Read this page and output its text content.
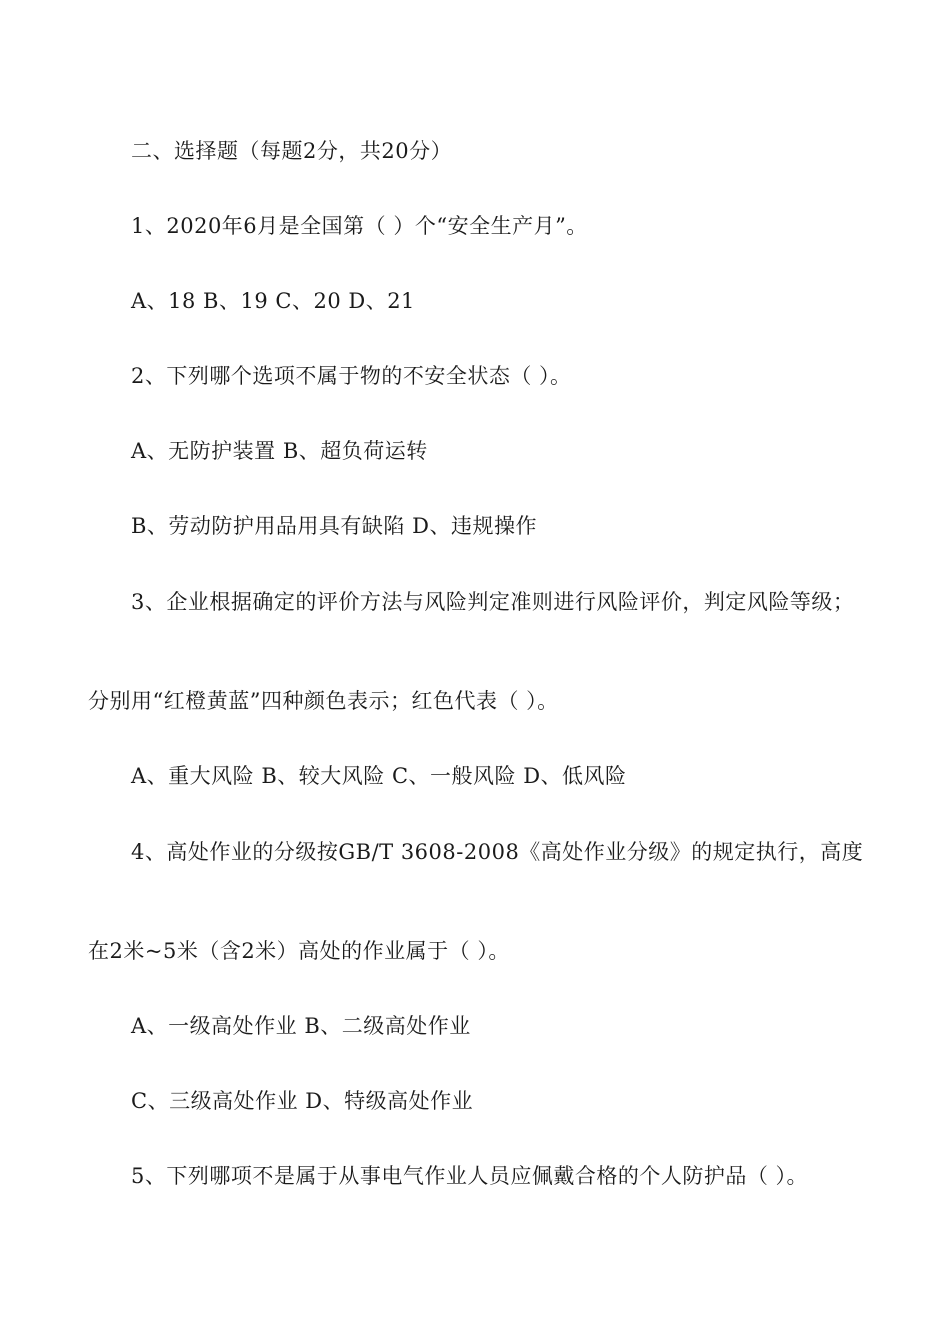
二、选择题（每题2分，共20分）
1、2020年6月是全国第（ ）个“安全生产月”。
A、18 B、19 C、20 D、21
2、下列哪个选项不属于物的不安全状态（ ）。
A、无防护装置 B、超负荷运转
B、劳动防护用品用具有缺陷 D、违规操作
3、企业根据确定的评价方法与风险判定准则进行风险评价，判定风险等级；
分别用“红橙黄蓝”四种颜色表示；红色代表（ ）。
A、重大风险 B、较大风险 C、一般风险 D、低风险
4、高处作业的分级按GB/T 3608-2008《高处作业分级》的规定执行，高度
在2米~5米（含2米）高处的作业属于（ ）。
A、一级高处作业 B、二级高处作业
C、三级高处作业 D、特级高处作业
5、下列哪项不是属于从事电气作业人员应佩戴合格的个人防护品（ ）。
